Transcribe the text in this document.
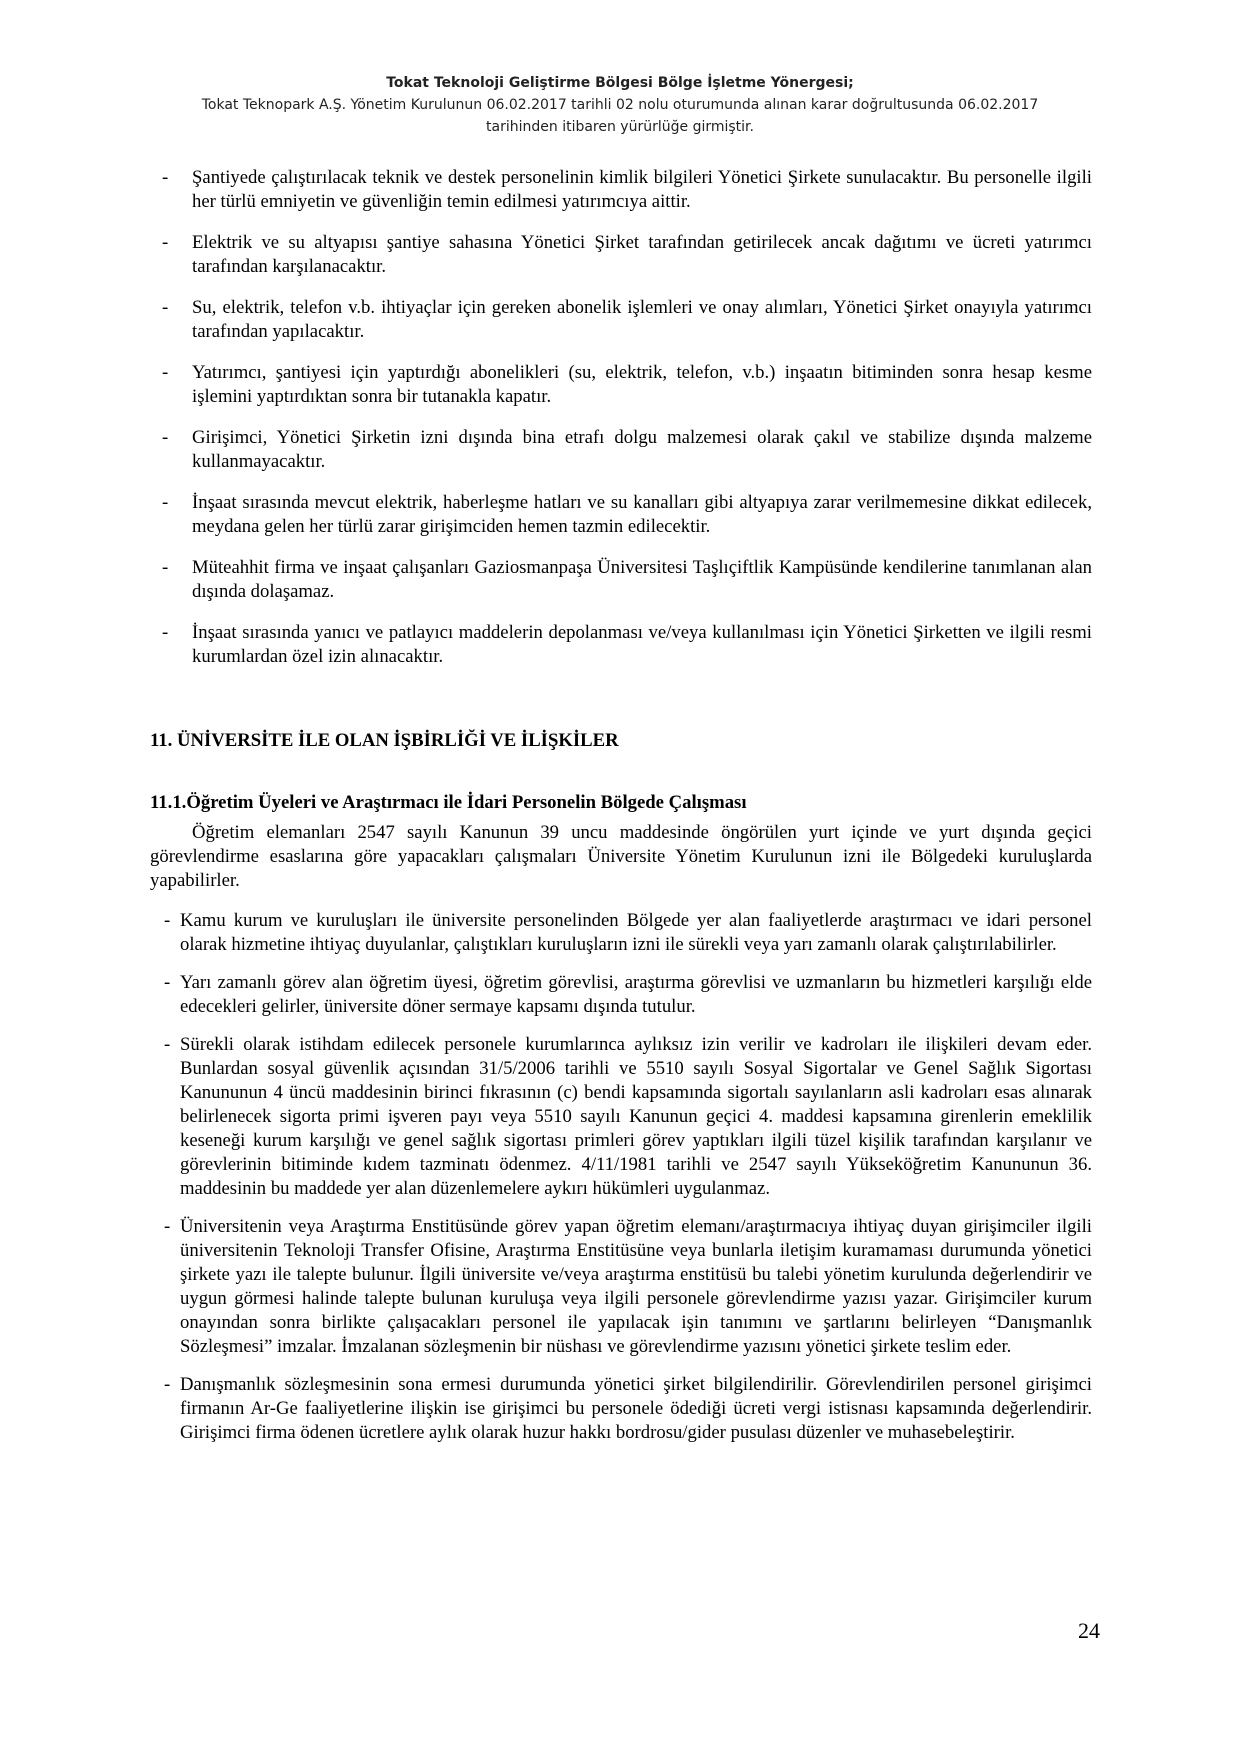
Tokat Teknoloji Geliştirme Bölgesi Bölge İşletme Yönergesi;
Tokat Teknopark A.Ş. Yönetim Kurulunun 06.02.2017 tarihli 02 nolu oturumunda alınan karar doğrultusunda 06.02.2017
tarihinden itibaren yürürlüğe girmiştir.
- Şantiyede çalıştırılacak teknik ve destek personelinin kimlik bilgileri Yönetici Şirkete sunulacaktır. Bu personelle ilgili her türlü emniyetin ve güvenliğin temin edilmesi yatırımcıya aittir.
- Elektrik ve su altyapısı şantiye sahasına Yönetici Şirket tarafından getirilecek ancak dağıtımı ve ücreti yatırımcı tarafından karşılanacaktır.
- Su, elektrik, telefon v.b. ihtiyaçlar için gereken abonelik işlemleri ve onay alımları, Yönetici Şirket onayıyla yatırımcı tarafından yapılacaktır.
- Yatırımcı, şantiyesi için yaptırdığı abonelikleri (su, elektrik, telefon, v.b.) inşaatın bitiminden sonra hesap kesme işlemini yaptırdıktan sonra bir tutanakla kapatır.
- Girişimci, Yönetici Şirketin izni dışında bina etrafı dolgu malzemesi olarak çakıl ve stabilize dışında malzeme kullanmayacaktır.
- İnşaat sırasında mevcut elektrik, haberleşme hatları ve su kanalları gibi altyapıya zarar verilmemesine dikkat edilecek, meydana gelen her türlü zarar girişimciden hemen tazmin edilecektir.
- Müteahhit firma ve inşaat çalışanları Gaziosmanpaşa Üniversitesi Taşlıçiftlik Kampüsünde kendilerine tanımlanan alan dışında dolaşamaz.
- İnşaat sırasında yanıcı ve patlayıcı maddelerin depolanması ve/veya kullanılması için Yönetici Şirketten ve ilgili resmi kurumlardan özel izin alınacaktır.
11. ÜNİVERSİTE İLE OLAN İŞBİRLİĞİ VE İLİŞKİLER
11.1.Öğretim Üyeleri ve Araştırmacı ile İdari Personelin Bölgede Çalışması

Öğretim elemanları 2547 sayılı Kanunun 39 uncu maddesinde öngörülen yurt içinde ve yurt dışında geçici görevlendirme esaslarına göre yapacakları çalışmaları Üniversite Yönetim Kurulunun izni ile Bölgedeki kuruluşlarda yapabilirler.

- Kamu kurum ve kuruluşları ile üniversite personelinden Bölgede yer alan faaliyetlerde araştırmacı ve idari personel olarak hizmetine ihtiyaç duyulanlar, çalıştıkları kuruluşların izni ile sürekli veya yarı zamanlı olarak çalıştırılabilirler.
- Yarı zamanlı görev alan öğretim üyesi, öğretim görevlisi, araştırma görevlisi ve uzmanların bu hizmetleri karşılığı elde edecekleri gelirler, üniversite döner sermaye kapsamı dışında tutulur.
- Sürekli olarak istihdam edilecek personele kurumlarınca aylıksız izin verilir ve kadroları ile ilişkileri devam eder. Bunlardan sosyal güvenlik açısından 31/5/2006 tarihli ve 5510 sayılı Sosyal Sigortalar ve Genel Sağlık Sigortası Kanununun 4 üncü maddesinin birinci fıkrasının (c) bendi kapsamında sigortalı sayılanların asli kadroları esas alınarak belirlenecek sigorta primi işveren payı veya 5510 sayılı Kanunun geçici 4. maddesi kapsamına girenlerin emeklilik keseneği kurum karşılığı ve genel sağlık sigortası primleri görev yaptıkları ilgili tüzel kişilik tarafından karşılanır ve görevlerinin bitiminde kıdem tazminatı ödenmez. 4/11/1981 tarihli ve 2547 sayılı Yükseköğretim Kanununun 36. maddesinin bu maddede yer alan düzenlemelere aykırı hükümleri uygulanmaz.
- Üniversitenin veya Araştırma Enstitüsünde görev yapan öğretim elemanı/araştırmacıya ihtiyaç duyan girişimciler ilgili üniversitenin Teknoloji Transfer Ofisine, Araştırma Enstitüsüne veya bunlarla iletişim kuramaması durumunda yönetici şirkete yazı ile talepte bulunur. İlgili üniversite ve/veya araştırma enstitüsü bu talebi yönetim kurulunda değerlendirir ve uygun görmesi halinde talepte bulunan kuruluşa veya ilgili personele görevlendirme yazısı yazar. Girişimciler kurum onayından sonra birlikte çalışacakları personel ile yapılacak işin tanımını ve şartlarını belirleyen “Danışmanlık Sözleşmesi” imzalar. İmzalanan sözleşmenin bir nüshası ve görevlendirme yazısını yönetici şirkete teslim eder.
- Danışmanlık sözleşmesinin sona ermesi durumunda yönetici şirket bilgilendirilir. Görevlendirilen personel girişimci firmanın Ar-Ge faaliyetlerine ilişkin ise girişimci bu personele ödediği ücreti vergi istisnası kapsamında değerlendirir. Girişimci firma ödenen ücretlere aylık olarak huzur hakkı bordrosu/gider pusulası düzenler ve muhasebeleştirir.
24
